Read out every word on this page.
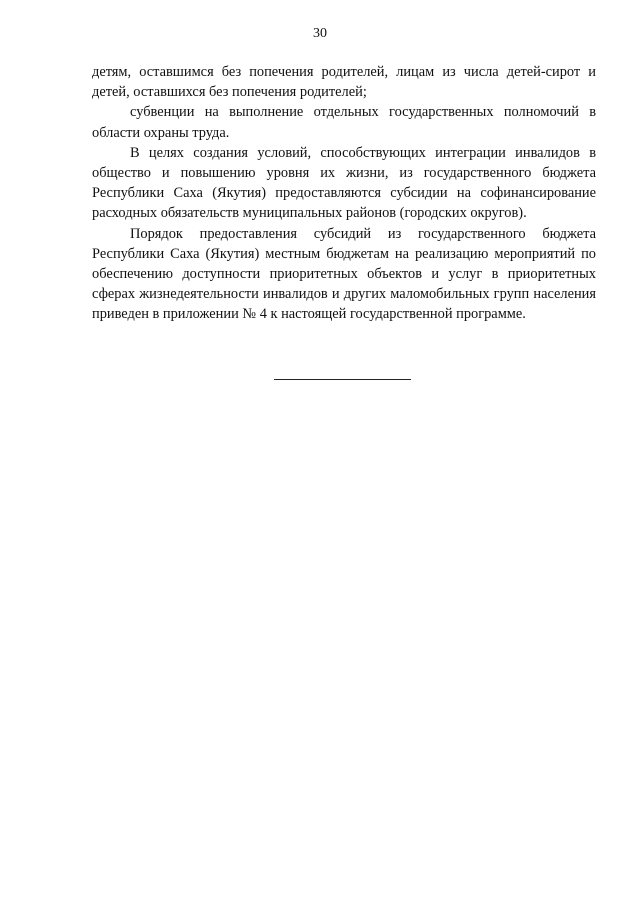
30

детям, оставшимся без попечения родителей, лицам из числа детей-сирот и детей, оставшихся без попечения родителей;

субвенции на выполнение отдельных государственных полномочий в области охраны труда.

В целях создания условий, способствующих интеграции инвалидов в общество и повышению уровня их жизни, из государственного бюджета Республики Саха (Якутия) предоставляются субсидии на софинансирование расходных обязательств муниципальных районов (городских округов).

Порядок предоставления субсидий из государственного бюджета Республики Саха (Якутия) местным бюджетам на реализацию мероприятий по обеспечению доступности приоритетных объектов и услуг в приоритетных сферах жизнедеятельности инвалидов и других маломобильных групп населения приведен в приложении № 4 к настоящей государственной программе.
